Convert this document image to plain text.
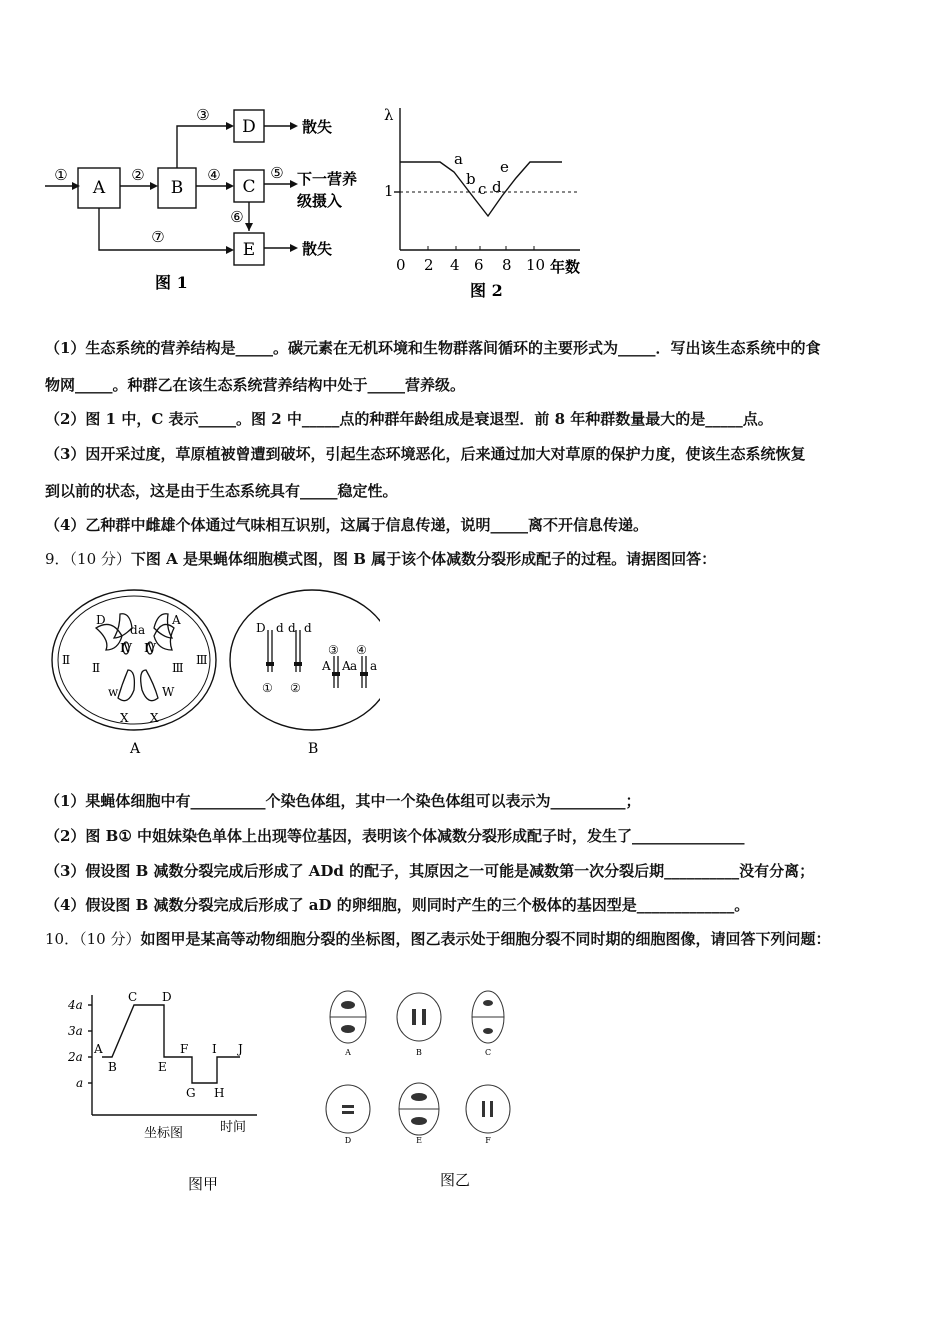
A	B
D
C
E
①	②
③
④	⑤
⑥
⑦
散失
下一营养
级摄入
散失
图 1
λ
1
0 2 4 6 8 10 年数
a
b
c d
e
图 2
（1）生态系统的营养结构是_____。碳元素在无机环境和生物群落间循环的主要形式为_____．写出该生态系统中的食
物网_____。种群乙在该生态系统营养结构中处于_____营养级。
（2）图 1 中，C 表示_____。图 2 中_____点的种群年龄组成是衰退型．前 8 年种群数量最大的是_____点。
（3）因开采过度，草原植被曾遭到破坏，引起生态环境恶化，后来通过加大对草原的保护力度，使该生态系统恢复
到以前的状态，这是由于生态系统具有_____稳定性。
（4）乙种群中雌雄个体通过气味相互识别，这属于信息传递，说明_____离不开信息传递。
9．（10 分）下图 A 是果蝇体细胞模式图，图 B 属于该个体减数分裂形成配子的过程。请据图回答：
D
d a
A
Ⅱ
Ⅱ	Ⅲ
Ⅲ
Ⅳ Ⅳ
w	W
X X
A
D d d d
③ ④
A A a a
① ②
B
（1）果蝇体细胞中有__________个染色体组，其中一个染色体组可以表示为__________；
（2）图 B① 中姐妹染色单体上出现等位基因，表明该个体减数分裂形成配子时，发生了_______________
（3）假设图 B 减数分裂完成后形成了 ADd 的配子，其原因之一可能是减数第一次分裂后期__________没有分离；
（4）假设图 B 减数分裂完成后形成了 aD 的卵细胞，则同时产生的三个极体的基因型是_____________。
10．（10 分）如图甲是某高等动物细胞分裂的坐标图，图乙表示处于细胞分裂不同时期的细胞图像，请回答下列问题：
4a
3a
2a
a
A
B
C D
E
F
G H
I J
坐标图	时间
图甲
A	B	C
D	E	F
图乙
